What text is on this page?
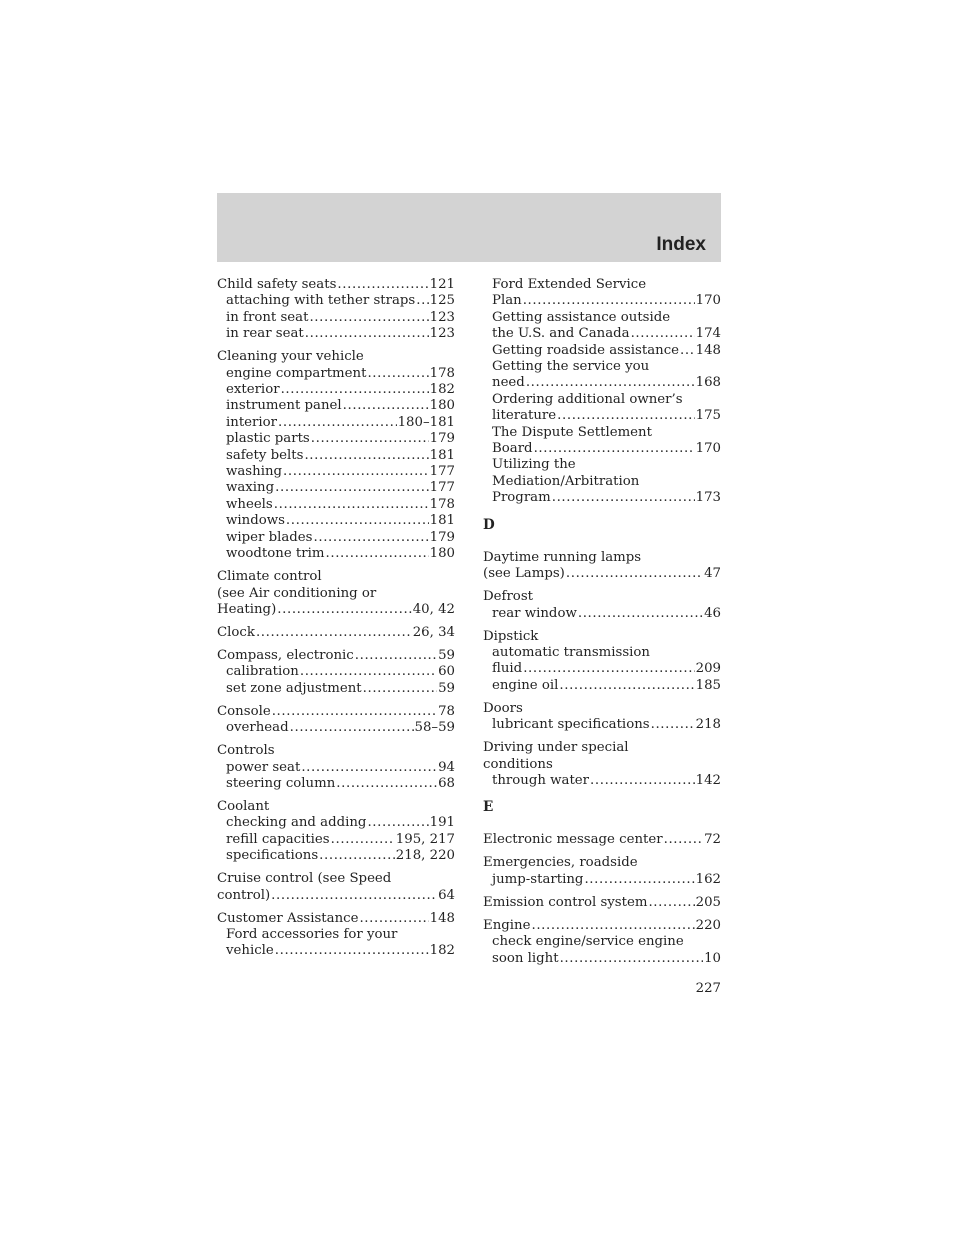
Index
Child safety seats . . .	121
attaching with tether straps . . . 125
in front seat . . .	123
in rear seat . . .	123
Cleaning your vehicle
engine compartment . . .	178
exterior . . .	182
instrument panel . . .	180
interior . . .	180–181
plastic parts . . .	179
safety belts . . .	181
washing . . .	177
waxing . . .	177
wheels . . .	178
windows . . .	181
wiper blades . . .	179
woodtone trim . . .	180
Climate control
(see Air conditioning or
Heating) . . .	40, 42
Clock . . .	26, 34
Compass, electronic . . .	59
calibration . . .	60
set zone adjustment . . .	59
Console . . .	78
overhead . . .	58–59
Controls
power seat . . .	94
steering column . . .	68
Coolant
checking and adding . . .	191
refill capacities . . .	195, 217
specifications . . .	218, 220
Cruise control (see Speed
control) . . .	64
Customer Assistance . . .	148
Ford accessories for your
vehicle . . .	182
Ford Extended Service
Plan . . .	170
Getting assistance outside
the U.S. and Canada . . .	174
Getting roadside assistance . . . 148
Getting the service you
need . . .	168
Ordering additional owner’s
literature . . .	175
The Dispute Settlement
Board . . .	170
Utilizing the
Mediation/Arbitration
Program . . .	173
D
Daytime running lamps
(see Lamps) . . .	47
Defrost
rear window . . .	46
Dipstick
automatic transmission
fluid . . .	209
engine oil . . .	185
Doors
lubricant specifications . . .	218
Driving under special
conditions
through water . . .	142
E
Electronic message center . . .	72
Emergencies, roadside
jump-starting . . .	162
Emission control system . . .	205
Engine . . .	220
check engine/service engine
soon light . . .	10
227
